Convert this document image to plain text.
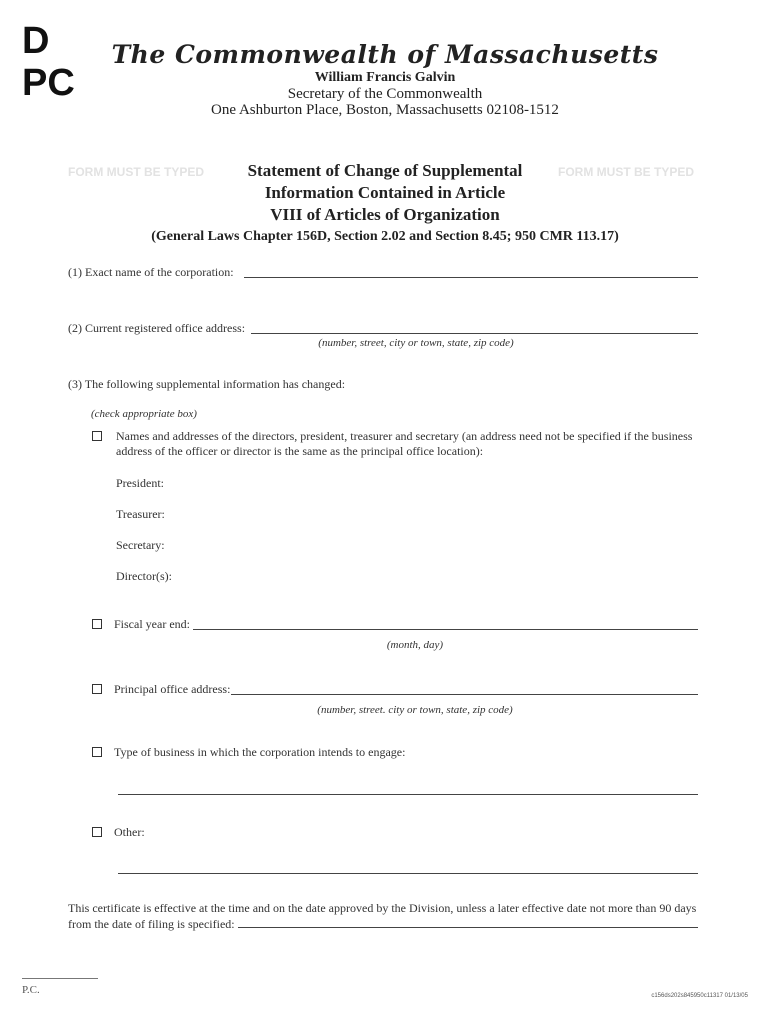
D
PC
The Commonwealth of Massachusetts
William Francis Galvin
Secretary of the Commonwealth
One Ashburton Place, Boston, Massachusetts 02108-1512
FORM MUST BE TYPED	FORM MUST BE TYPED
Statement of Change of Supplemental
Information Contained in Article
VIII of Articles of Organization
(General Laws Chapter 156D, Section 2.02 and Section 8.45; 950 CMR 113.17)
(1) Exact name of the corporation:
(2) Current registered office address:
(number, street, city or town, state, zip code)
(3) The following supplemental information has changed:
(check appropriate box)
Names and addresses of the directors, president, treasurer and secretary (an address need not be specified if the business
address of the officer or director is the same as the principal office location):
President:
Treasurer:
Secretary:
Director(s):
Fiscal year end:
(month, day)
Principal office address:
(number, street. city or town, state, zip code)
Type of business in which the corporation intends to engage:
Other:
This certificate is effective at the time and on the date approved by the Division, unless a later effective date not more than 90 days
from the date of filing is specified:
P.C.	c156ds202s845950c11317 01/13/05
